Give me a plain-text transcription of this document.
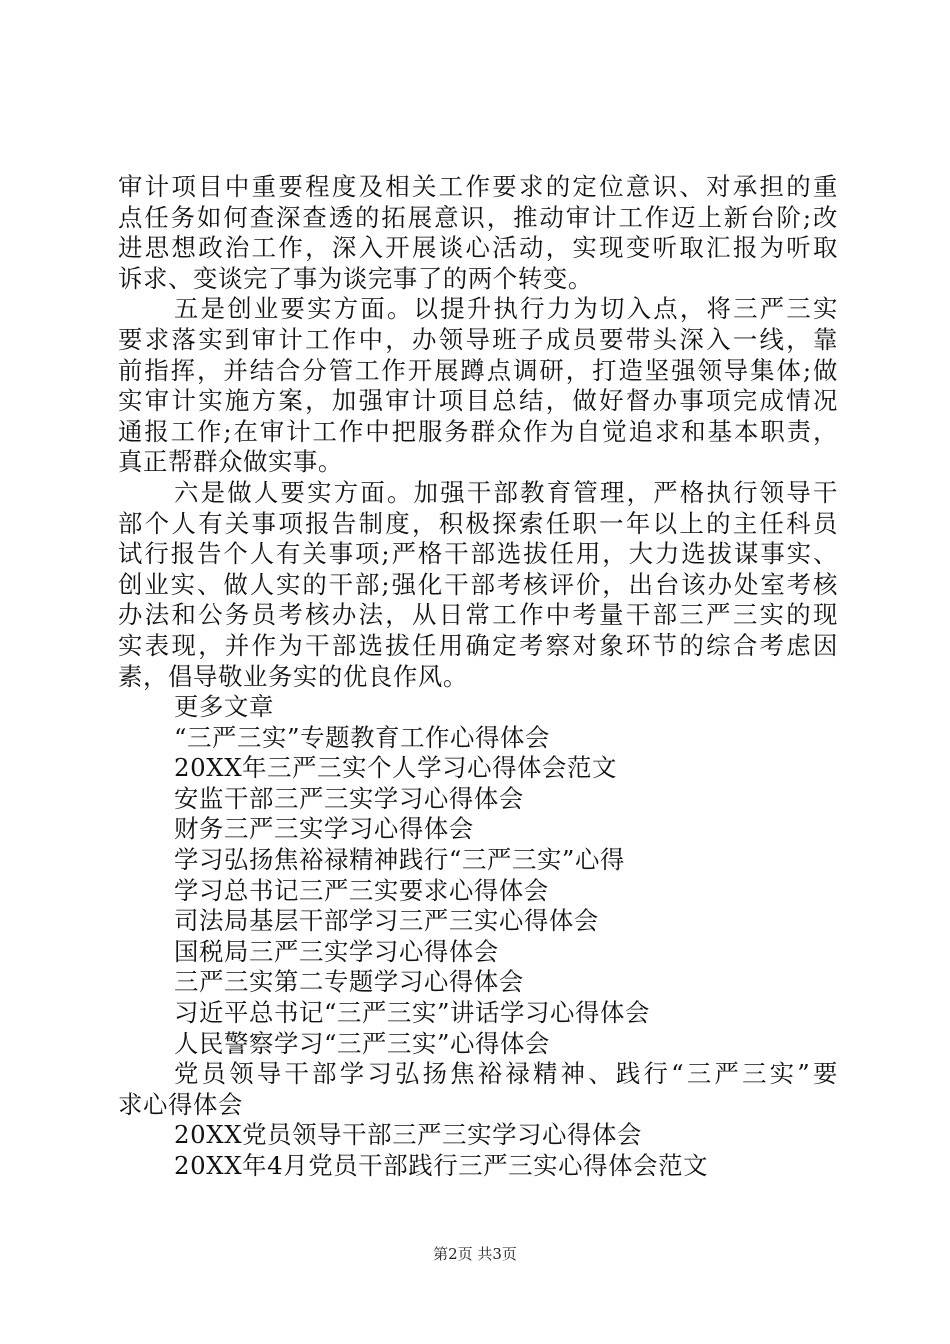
审计项目中重要程度及相关工作要求的定位意识、对承担的重
点任务如何查深查透的拓展意识，推动审计工作迈上新台阶;改
进思想政治工作，深入开展谈心活动，实现变听取汇报为听取
诉求、变谈完了事为谈完事了的两个转变。
五是创业要实方面。以提升执行力为切入点，将三严三实
要求落实到审计工作中，办领导班子成员要带头深入一线，靠
前指挥，并结合分管工作开展蹲点调研，打造坚强领导集体;做
实审计实施方案，加强审计项目总结，做好督办事项完成情况
通报工作;在审计工作中把服务群众作为自觉追求和基本职责，
真正帮群众做实事。
六是做人要实方面。加强干部教育管理，严格执行领导干
部个人有关事项报告制度，积极探索任职一年以上的主任科员
试行报告个人有关事项;严格干部选拔任用，大力选拔谋事实、
创业实、做人实的干部;强化干部考核评价，出台该办处室考核
办法和公务员考核办法，从日常工作中考量干部三严三实的现
实表现，并作为干部选拔任用确定考察对象环节的综合考虑因
素，倡导敬业务实的优良作风。
更多文章
“三严三实”专题教育工作心得体会
20XX年三严三实个人学习心得体会范文
安监干部三严三实学习心得体会
财务三严三实学习心得体会
学习弘扬焦裕禄精神践行“三严三实”心得
学习总书记三严三实要求心得体会
司法局基层干部学习三严三实心得体会
国税局三严三实学习心得体会
三严三实第二专题学习心得体会
习近平总书记“三严三实”讲话学习心得体会
人民警察学习“三严三实”心得体会
党员领导干部学习弘扬焦裕禄精神、践行“三严三实”要
求心得体会
20XX党员领导干部三严三实学习心得体会
20XX年4月党员干部践行三严三实心得体会范文
第2页 共3页
